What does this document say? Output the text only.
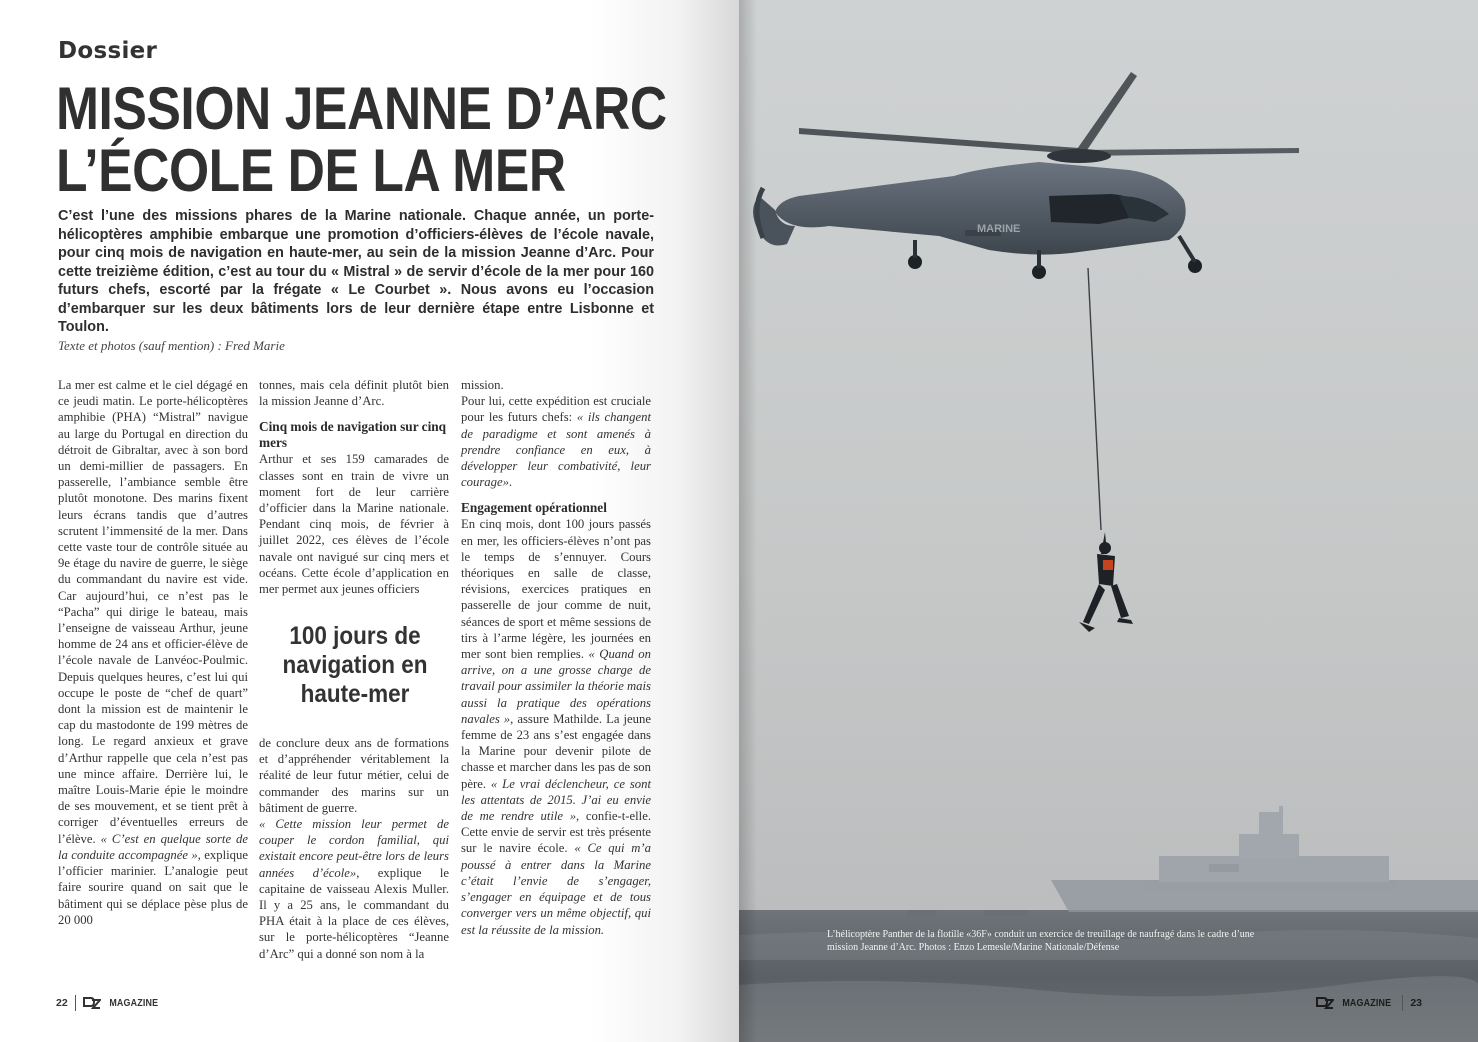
Dossier
MISSION JEANNE D’ARC
L’ÉCOLE DE LA MER
C’est l’une des missions phares de la Marine nationale. Chaque année, un porte-hélicoptères amphibie embarque une promotion d’officiers-élèves de l’école navale, pour cinq mois de navigation en haute-mer, au sein de la mission Jeanne d’Arc. Pour cette treizième édition, c’est au tour du « Mistral » de servir d’école de la mer pour 160 futurs chefs, escorté par la frégate « Le Courbet ». Nous avons eu l’occasion d’embarquer sur les deux bâtiments lors de leur dernière étape entre Lisbonne et Toulon.
Texte et photos (sauf mention) : Fred Marie

La mer est calme et le ciel dégagé en ce jeudi matin. Le porte-hélicoptères amphibie (PHA) “Mistral” navigue au large du Portugal en direction du détroit de Gibraltar, avec à son bord un demi-millier de passagers. En passerelle, l’ambiance semble être plutôt monotone. Des marins fixent leurs écrans tandis que d’autres scrutent l’immensité de la mer. Dans cette vaste tour de contrôle située au 9e étage du navire de guerre, le siège du commandant du navire est vide. Car aujourd’hui, ce n’est pas le “Pacha” qui dirige le bateau, mais l’enseigne de vaisseau Arthur, jeune homme de 24 ans et officier-élève de l’école navale de Lanvéoc-Poulmic. Depuis quelques heures, c’est lui qui occupe le poste de “chef de quart” dont la mission est de maintenir le cap du mastodonte de 199 mètres de long. Le regard anxieux et grave d’Arthur rappelle que cela n’est pas une mince affaire. Derrière lui, le maître Louis-Marie épie le moindre de ses mouvement, et se tient prêt à corriger d’éventuelles erreurs de l’élève. « C’est en quelque sorte de la conduite accompagnée », explique l’officier marinier. L’analogie peut faire sourire quand on sait que le bâtiment qui se déplace pèse plus de 20 000

tonnes, mais cela définit plutôt bien la mission Jeanne d’Arc.

Cinq mois de navigation sur cinq mers

Arthur et ses 159 camarades de classes sont en train de vivre un moment fort de leur carrière d’officier dans la Marine nationale. Pendant cinq mois, de février à juillet 2022, ces élèves de l’école navale ont navigué sur cinq mers et océans. Cette école d’application en mer permet aux jeunes officiers

100 jours de navigation en haute-mer

de conclure deux ans de formations et d’appréhender véritablement la réalité de leur futur métier, celui de commander des marins sur un bâtiment de guerre.

« Cette mission leur permet de couper le cordon familial, qui existait encore peut-être lors de leurs années d’école», explique le capitaine de vaisseau Alexis Muller. Il y a 25 ans, le commandant du PHA était à la place de ces élèves, sur le porte-hélicoptères “Jeanne d’Arc” qui a donné son nom à la

mission.

Pour lui, cette expédition est cruciale pour les futurs chefs: « ils changent de paradigme et sont amenés à prendre confiance en eux, à développer leur combativité, leur courage».

Engagement opérationnel

En cinq mois, dont 100 jours passés en mer, les officiers-élèves n’ont pas le temps de s’ennuyer. Cours théoriques en salle de classe, révisions, exercices pratiques en passerelle de jour comme de nuit, séances de sport et même sessions de tirs à l’arme légère, les journées en mer sont bien remplies. « Quand on arrive, on a une grosse charge de travail pour assimiler la théorie mais aussi la pratique des opérations navales », assure Mathilde. La jeune femme de 23 ans s’est engagée dans la Marine pour devenir pilote de chasse et marcher dans les pas de son père. « Le vrai déclencheur, ce sont les attentats de 2015. J’ai eu envie de me rendre utile », confie-t-elle. Cette envie de servir est très présente sur le navire école. « Ce qui m’a poussé à entrer dans la Marine c’était l’envie de s’engager, s’engager en équipage et de tous converger vers un même objectif, qui est la réussite de la mission.

22	MAGAZINE
MARINE
L’hélicoptère Panther de la flotille «36F» conduit un exercice de treuillage de naufragé dans le cadre d’une mission Jeanne d’Arc. Photos : Enzo Lemesle/Marine Nationale/Défense
MAGAZINE 23
